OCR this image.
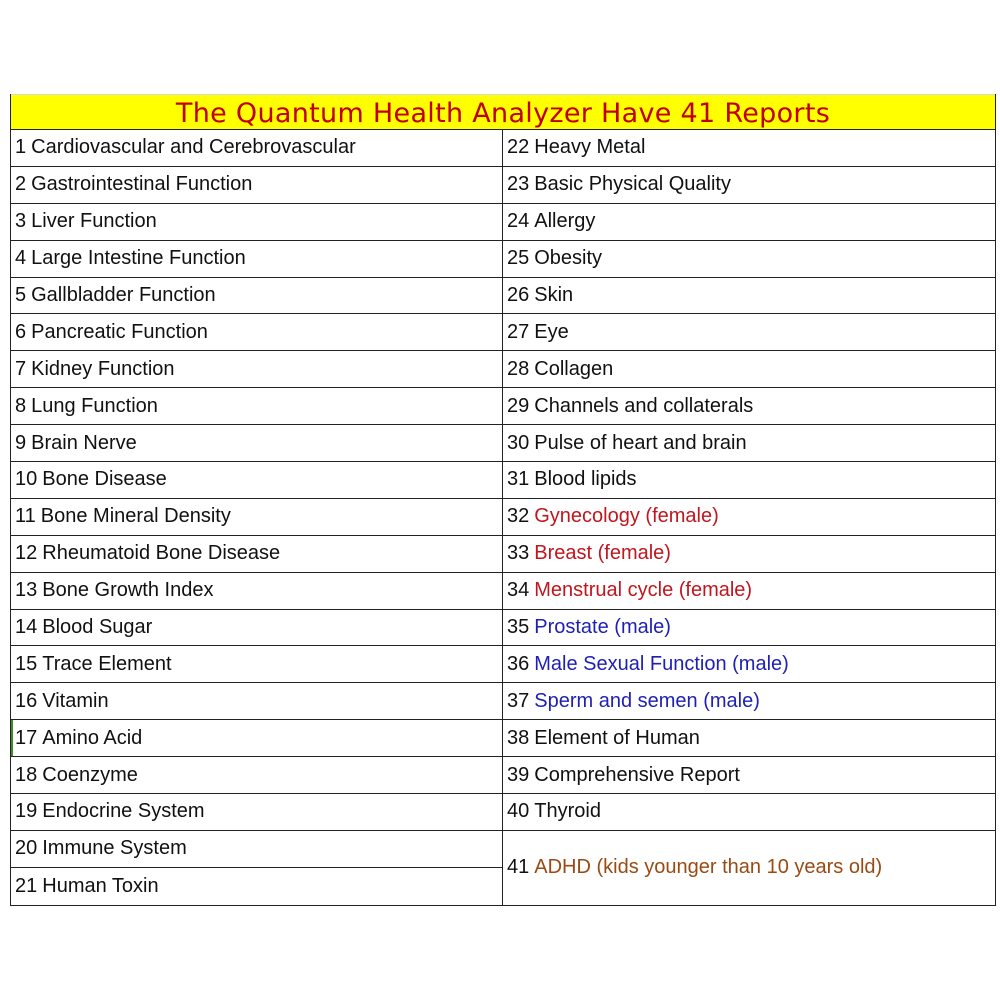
The Quantum Health Analyzer Have 41 Reports
1 Cardiovascular and Cerebrovascular
2 Gastrointestinal Function
3 Liver Function
4 Large Intestine Function
5 Gallbladder Function
6 Pancreatic Function
7 Kidney Function
8 Lung Function
9 Brain Nerve
10 Bone Disease
11 Bone Mineral Density
12 Rheumatoid Bone Disease
13 Bone Growth Index
14 Blood Sugar
15 Trace Element
16 Vitamin
17 Amino Acid
18 Coenzyme
19 Endocrine System
20 Immune System
21 Human Toxin
22 Heavy Metal
23 Basic Physical Quality
24 Allergy
25 Obesity
26 Skin
27 Eye
28 Collagen
29 Channels and collaterals
30 Pulse of heart and brain
31 Blood lipids
32 Gynecology (female)
33 Breast (female)
34 Menstrual cycle (female)
35 Prostate (male)
36 Male Sexual Function (male)
37 Sperm and semen (male)
38 Element of Human
39 Comprehensive Report
40 Thyroid
41 ADHD (kids younger than 10 years old)
